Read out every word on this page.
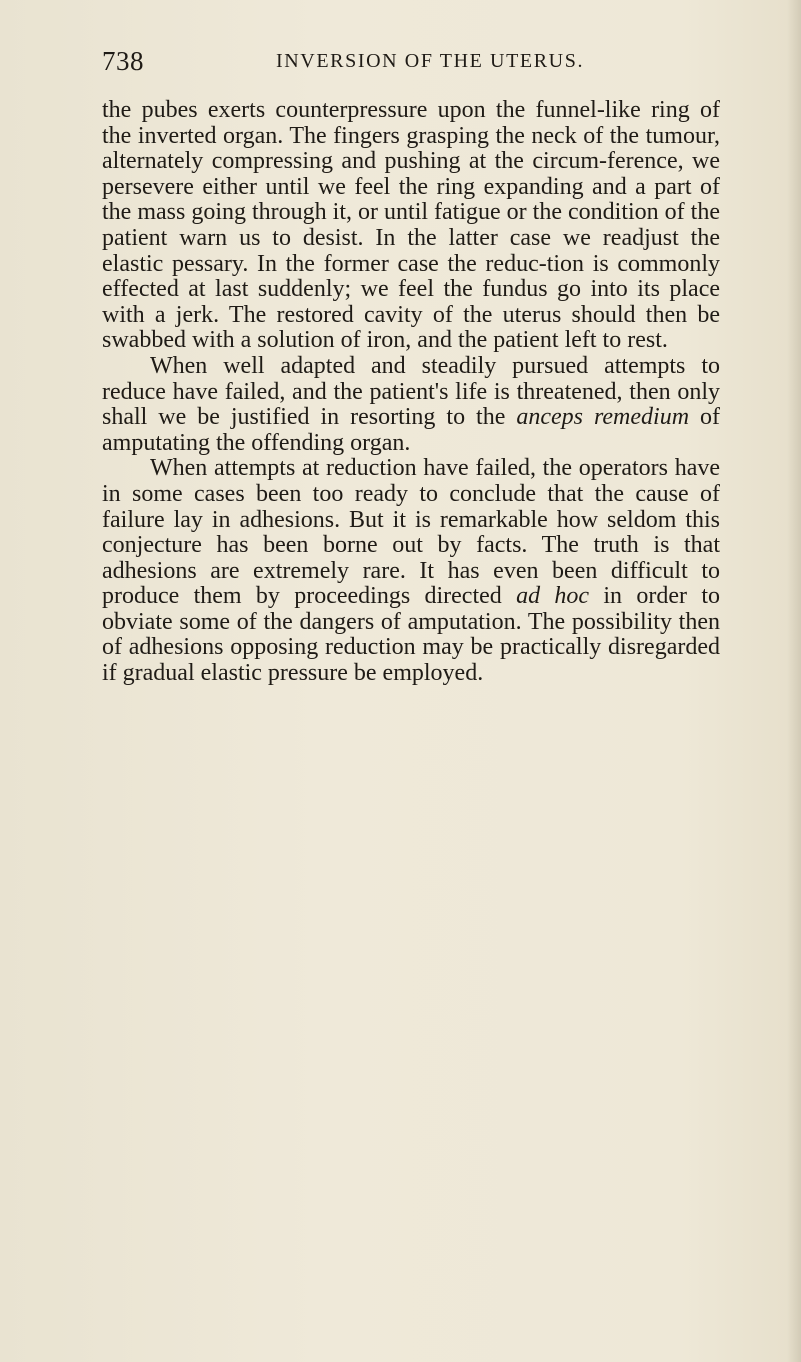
738	INVERSION OF THE UTERUS.

the pubes exerts counterpressure upon the funnel-like ring of the inverted organ. The fingers grasping the neck of the tumour, alternately compressing and pushing at the circum-ference, we persevere either until we feel the ring expanding and a part of the mass going through it, or until fatigue or the condition of the patient warn us to desist. In the latter case we readjust the elastic pessary. In the former case the reduc-tion is commonly effected at last suddenly; we feel the fundus go into its place with a jerk. The restored cavity of the uterus should then be swabbed with a solution of iron, and the patient left to rest.

When well adapted and steadily pursued attempts to reduce have failed, and the patient's life is threatened, then only shall we be justified in resorting to the anceps remedium of amputating the offending organ.

When attempts at reduction have failed, the operators have in some cases been too ready to conclude that the cause of failure lay in adhesions. But it is remarkable how seldom this conjecture has been borne out by facts. The truth is that adhesions are extremely rare. It has even been difficult to produce them by proceedings directed ad hoc in order to obviate some of the dangers of amputation. The possibility then of adhesions opposing reduction may be practically disregarded if gradual elastic pressure be employed.
